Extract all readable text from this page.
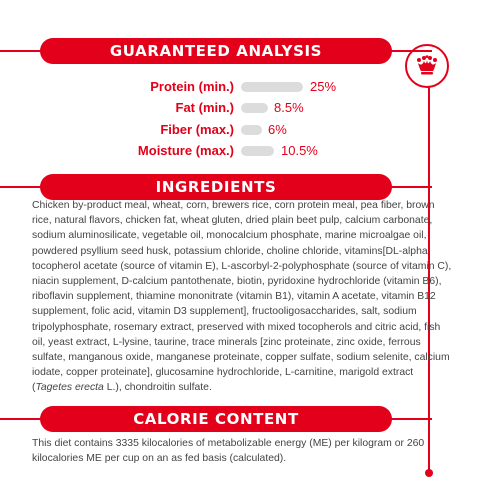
GUARANTEED ANALYSIS
Protein (min.)	25%
Fat (min.)	8.5%
Fiber (max.)	6%
Moisture (max.)	10.5%
INGREDIENTS
Chicken by-product meal, wheat, corn, brewers rice, corn protein meal, pea fiber, brown rice, natural flavors, chicken fat, wheat gluten, dried plain beet pulp, calcium carbonate, sodium aluminosilicate, vegetable oil, monocalcium phosphate, marine microalgae oil, powdered psyllium seed husk, potassium chloride, choline chloride, vitamins[DL-alpha tocopherol acetate (source of vitamin E), L-ascorbyl-2-polyphosphate (source of vitamin C), niacin supplement, D-calcium pantothenate, biotin, pyridoxine hydrochloride (vitamin B6), riboflavin supplement, thiamine mononitrate (vitamin B1), vitamin A acetate, vitamin B12 supplement, folic acid, vitamin D3 supplement], fructooligosaccharides, salt, sodium tripolyphosphate, rosemary extract, preserved with mixed tocopherols and citric acid, fish oil, yeast extract, L-lysine, taurine, trace minerals [zinc proteinate, zinc oxide, ferrous sulfate, manganous oxide, manganese proteinate, copper sulfate, sodium selenite, calcium iodate, copper proteinate], glucosamine hydrochloride, L-carnitine, marigold extract (Tagetes erecta L.), chondroitin sulfate.
CALORIE CONTENT
This diet contains 3335 kilocalories of metabolizable energy (ME) per kilogram or 260 kilocalories ME per cup on an as fed basis (calculated).
